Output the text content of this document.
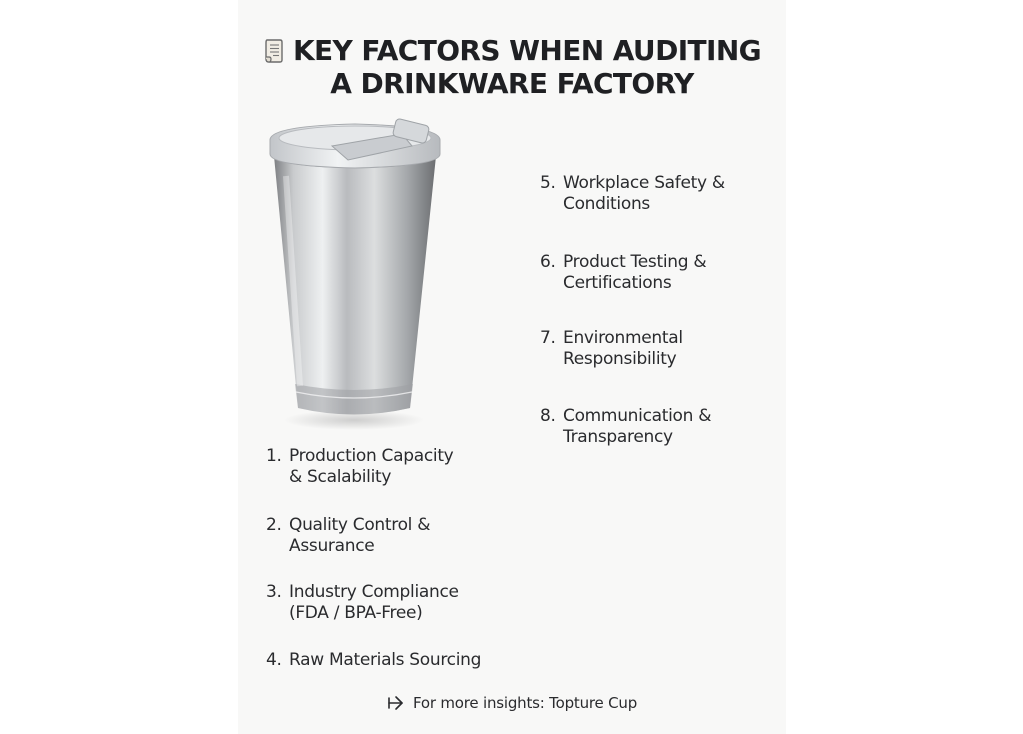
KEY FACTORS WHEN AUDITING
A DRINKWARE FACTORY
1. Production Capacity
& Scalability
2. Quality Control &
Assurance
3. Industry Compliance
(FDA / BPA-Free)
4. Raw Materials Sourcing
5. Workplace Safety &
Conditions
6. Product Testing &
Certifications
7. Environmental
Responsibility
8. Communication &
Transparency
For more insights: Topture Cup
